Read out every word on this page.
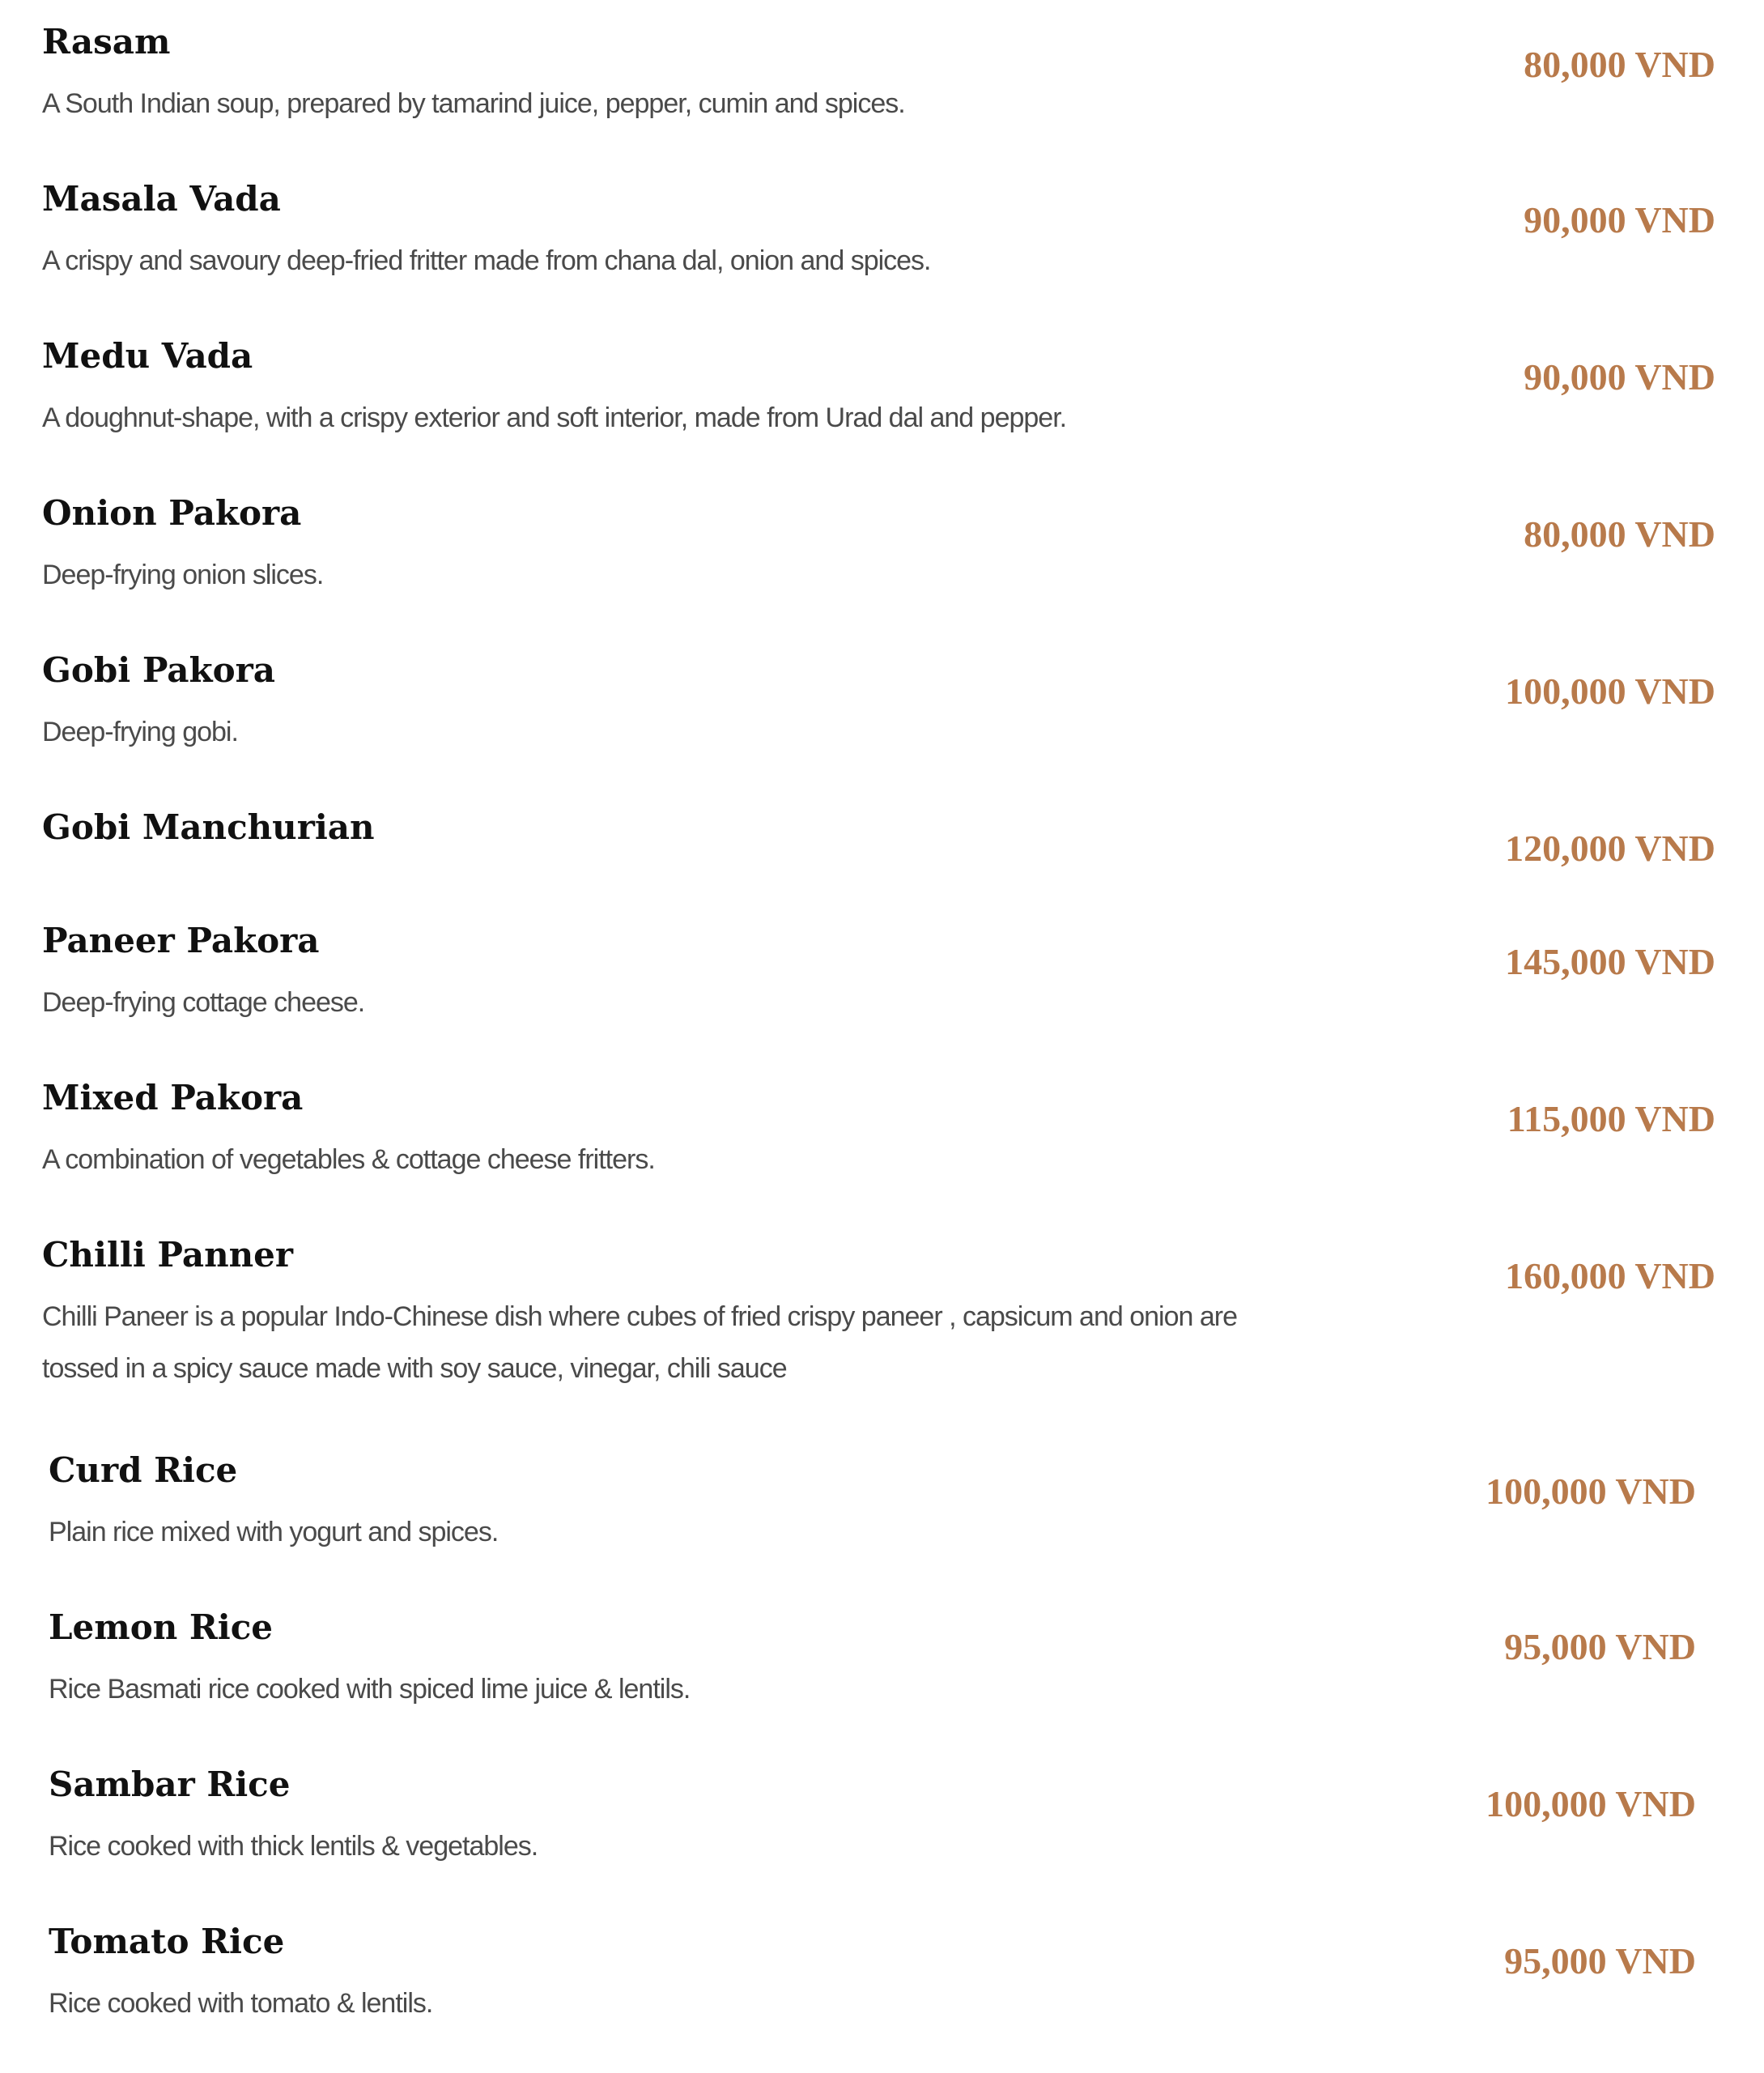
Rasam
A South Indian soup, prepared by tamarind juice, pepper, cumin and spices.
80,000 VND
Masala Vada
A crispy and savoury deep-fried fritter made from chana dal, onion and spices.
90,000 VND
Medu Vada
A doughnut-shape, with a crispy exterior and soft interior, made from Urad dal and pepper.
90,000 VND
Onion Pakora
Deep-frying onion slices.
80,000 VND
Gobi Pakora
Deep-frying gobi.
100,000 VND
Gobi Manchurian
120,000 VND
Paneer Pakora
Deep-frying cottage cheese.
145,000 VND
Mixed Pakora
A combination of vegetables & cottage cheese fritters.
115,000 VND
Chilli Panner
Chilli Paneer is a popular Indo-Chinese dish where cubes of fried crispy paneer , capsicum and onion are tossed in a spicy sauce made with soy sauce, vinegar, chili sauce
160,000 VND
Curd Rice
Plain rice mixed with yogurt and spices.
100,000 VND
Lemon Rice
Rice Basmati rice cooked with spiced lime juice & lentils.
95,000 VND
Sambar Rice
Rice cooked with thick lentils & vegetables.
100,000 VND
Tomato Rice
Rice cooked with tomato & lentils.
95,000 VND
